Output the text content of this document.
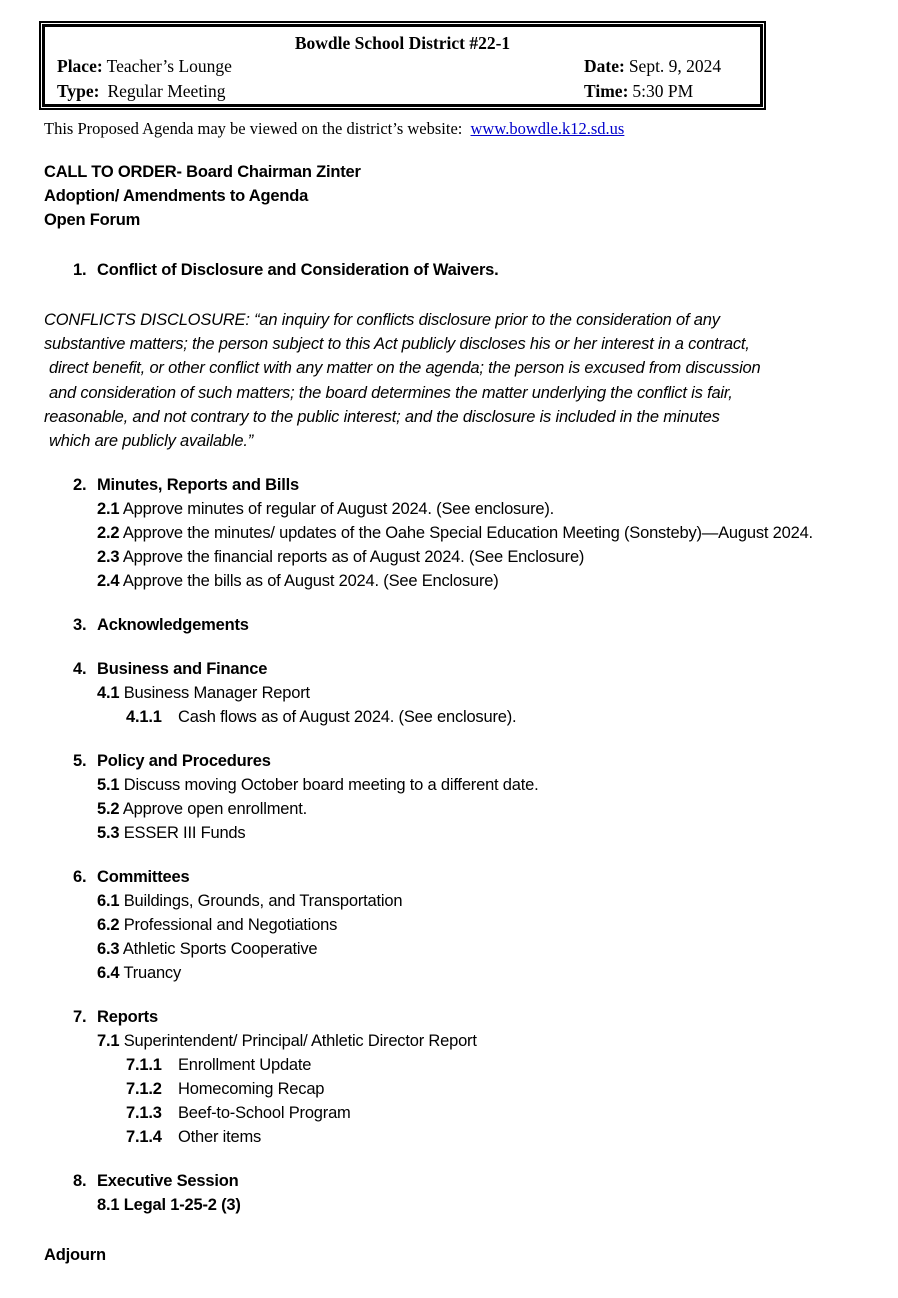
Bowdle School District #22-1
Place: Teacher’s Lounge	Date: Sept. 9, 2024
Type: Regular Meeting	Time: 5:30 PM
This Proposed Agenda may be viewed on the district’s website: www.bowdle.k12.sd.us
CALL TO ORDER- Board Chairman Zinter
Adoption/ Amendments to Agenda
Open Forum
1. Conflict of Disclosure and Consideration of Waivers.
CONFLICTS DISCLOSURE: “an inquiry for conflicts disclosure prior to the consideration of any
substantive matters; the person subject to this Act publicly discloses his or her interest in a contract,
direct benefit, or other conflict with any matter on the agenda; the person is excused from discussion
and consideration of such matters; the board determines the matter underlying the conflict is fair,
reasonable, and not contrary to the public interest; and the disclosure is included in the minutes
which are publicly available.”
2. Minutes, Reports and Bills
2.1 Approve minutes of regular of August 2024. (See enclosure).
2.2 Approve the minutes/ updates of the Oahe Special Education Meeting (Sonsteby)—August 2024.
2.3 Approve the financial reports as of August 2024. (See Enclosure)
2.4 Approve the bills as of August 2024. (See Enclosure)
3. Acknowledgements
4. Business and Finance
4.1 Business Manager Report
4.1.1 Cash flows as of August 2024. (See enclosure).
5. Policy and Procedures
5.1 Discuss moving October board meeting to a different date.
5.2 Approve open enrollment.
5.3 ESSER III Funds
6. Committees
6.1 Buildings, Grounds, and Transportation
6.2 Professional and Negotiations
6.3 Athletic Sports Cooperative
6.4 Truancy
7. Reports
7.1 Superintendent/ Principal/ Athletic Director Report
7.1.1 Enrollment Update
7.1.2 Homecoming Recap
7.1.3 Beef-to-School Program
7.1.4 Other items
8. Executive Session
8.1 Legal 1-25-2 (3)
Adjourn
